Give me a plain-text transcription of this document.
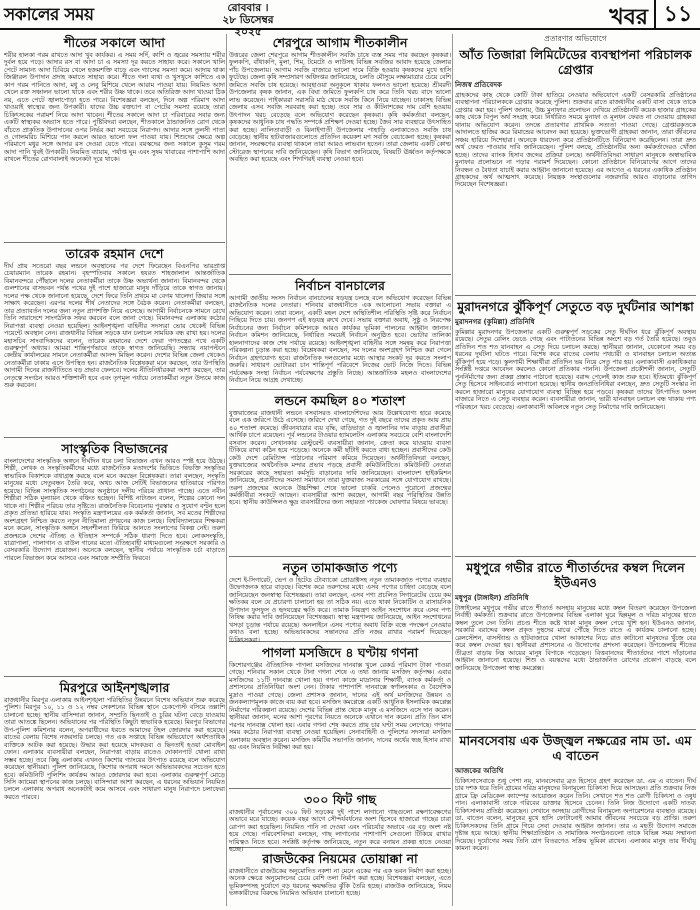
সকালের সময়	রোববার ।
২৮ ডিসেম্বর ২০২৫
খবর ১১
শীতের সকালে আদা

শরীর হালকা গরম রাখতে আদা খুব কার্যকর। এ সময় সর্দি, কাশি ও জ্বরের সমস্যায় শরীর দুর্বল হয়ে পড়ে। আদার রস বা আদা চা এ সমস্যা দূর করতে সাহায্য করে। সকালে খালি পেটে সামান্য আদা চিবিয়ে খেলে হজমশক্তি বাড়ে এবং গ্যাসের সমস্যা কমে। আদায় থাকা জিঞ্জারল উপাদান প্রদাহ কমাতে সাহায্য করে। শীতে গলা ব্যথা ও খুসখুসে কাশিতে এক কাপ গরম পানিতে আদা, মধু ও লেবু মিশিয়ে খেলে আরাম পাওয়া যায়। নিয়মিত আদা খেলে রক্ত সঞ্চালন ভালো থাকে এবং শরীর উষ্ণ থাকে। তবে অতিরিক্ত আদা খাওয়া ঠিক নয়, এতে পেটে জ্বালাপোড়া হতে পারে। বিশেষজ্ঞরা বলছেন, দিনে অল্প পরিমাণ আদা খাওয়াই স্বাস্থ্যের জন্য উপকারী। যাদের উচ্চ রক্তচাপ বা পেটের সমস্যা রয়েছে তারা চিকিৎসকের পরামর্শ নিয়ে আদা খাবেন। শীতের সকালে আদা চা পরিবারের সবার জন্য একটি স্বাস্থ্যকর অভ্যাস হতে পারে। পুষ্টিবিদরা বলছেন, শীতকালে ঠান্ডাজনিত রোগ থেকে বাঁচতে প্রাকৃতিক উপাদানের ওপর নির্ভর করা সবচেয়ে নিরাপদ। আদার সঙ্গে তুলসী পাতা ও গোলমরিচ মিশিয়ে পান করলে আরও ভালো ফল পাওয়া যায়। শিশুদের ক্ষেত্রে অল্প পরিমাণে মধুর সঙ্গে আদার রস দেওয়া যেতে পারে। বয়স্কদের জন্য সকালে কুসুম গরম আদা পানি খুবই উপকারী। নিয়মিত ব্যায়াম, পর্যাপ্ত ঘুম এবং সুষম খাবারের পাশাপাশি আদা রাখলে শীতের রোগবালাই অনেকটা দূরে থাকে।

তারেক রহমান দেশে

দীর্ঘ প্রায় সতেরো বছর লন্ডনে অবস্থানের পর দেশে ফিরেছেন বিএনপির ভারপ্রাপ্ত চেয়ারম্যান তারেক রহমান। বৃহস্পতিবার সকালে হযরত শাহজালাল আন্তর্জাতিক বিমানবন্দরে পৌঁছালে দলের নেতাকর্মীরা তাকে উষ্ণ অভ্যর্থনা জানান। বিমানবন্দর থেকে গুলশানের বাসভবন পর্যন্ত পথের দুই পাশে হাজারো মানুষ দাঁড়িয়ে তাকে স্বাগত জানায়। দলের পক্ষ থেকে জানানো হয়েছে, দেশে ফিরে তিনি প্রথমে মা বেগম খালেদা জিয়ার সঙ্গে সাক্ষাৎ করেছেন। এরপর দলের শীর্ষ নেতাদের সঙ্গে বৈঠক করেন। নেতাকর্মীরা বলছেন, তার প্রত্যাবর্তন দলের জন্য নতুন প্রাণশক্তি নিয়ে এসেছে। আগামী নির্বাচনকে সামনে রেখে তিনি সারাদেশে সাংগঠনিক সফর করবেন বলে জানা গেছে। বিমানবন্দর এলাকায় কঠোর নিরাপত্তা ব্যবস্থা নেওয়া হয়েছিল। আইনশৃঙ্খলা বাহিনীর সদস্যরা ভোর থেকেই বিভিন্ন পয়েন্টে অবস্থান নেন। রাজধানীর বিভিন্ন সড়কে যান চলাচল সাময়িক বন্ধ রাখা হয়। দলের মহাসচিব সাংবাদিকদের বলেন, তারেক রহমানের দেশে ফেরা গণতন্ত্রের পথে একটি গুরুত্বপূর্ণ অধ্যায়। আমরা শান্তিপূর্ণভাবে তাকে স্বাগত জানিয়েছি। সন্ধ্যায় নয়াপল্টনে কেন্দ্রীয় কার্যালয়ের সামনে নেতাকর্মীরা আনন্দ মিছিল করেন। দেশের বিভিন্ন জেলা থেকেও নেতাকর্মীরা ঢাকায় এসে উপস্থিত হন। রাজনৈতিক বিশ্লেষকরা মনে করছেন, তার উপস্থিতি আগামী দিনের রাজনীতিতে বড় প্রভাব ফেলবে। দলের নীতিনির্ধারকরা আশা করছেন, তার নেতৃত্বে সংগঠন আরও শক্তিশালী হবে এবং তৃণমূল পর্যায়ে নেতাকর্মীরা নতুন উদ্যমে কাজ শুরু করবেন।

সাংস্কৃতিক বিভাজনের

বাংলাদেশের সাংস্কৃতিক অঙ্গনে দীর্ঘদিন ধরে চলা বিভাজন এখন আরও স্পষ্ট হয়ে উঠছে। শিল্পী, লেখক ও সংস্কৃতিকর্মীদের মধ্যে রাজনৈতিক মতাদর্শের ভিত্তিতে বিভক্তি সংস্কৃতির স্বাভাবিক বিকাশকে বাধাগ্রস্ত করছে বলে মনে করছেন বিশ্লেষকরা। তারা বলছেন, সংস্কৃতি মানুষের মধ্যে সেতুবন্ধন তৈরি করে, অথচ আজ সেটিই বিভাজনের হাতিয়ারে পরিণত হয়েছে। বিভিন্ন সাংস্কৃতিক সংগঠনের অনুষ্ঠানে দলীয় পরিচয় প্রাধান্য পাচ্ছে। এতে নবীন শিল্পীরা সঠিক মূল্যায়ন থেকে বঞ্চিত হচ্ছেন। বিশিষ্ট নাট্যজন বলেন, শিল্পের কোনো দল থাকে না। শিল্পীর পরিচয় তার সৃষ্টিতে। রাজনৈতিক বিবেচনায় পুরস্কার ও সুযোগ বণ্টন হলে প্রকৃত প্রতিভা হারিয়ে যায়। সংস্কৃতি মন্ত্রণালয়ের এক কর্মকর্তা জানান, সব মতের শিল্পীদের অংশগ্রহণ নিশ্চিত করতে নতুন নীতিমালা প্রণয়নের কাজ চলছে। বিশ্ববিদ্যালয়ের শিক্ষকরা মনে করেন, সাংস্কৃতিক অঙ্গনে সহনশীলতা ফিরিয়ে আনতে সংলাপের বিকল্প নেই। তরুণ প্রজন্মকে দেশের ঐতিহ্য ও ইতিহাস সম্পর্কে সঠিক ধারণা দিতে হবে। লোকসংস্কৃতি, যাত্রাপালা, পালাগান ও বাউল গানের মতো ঐতিহ্যবাহী মাধ্যমগুলো সংরক্ষণে সরকারি ও বেসরকারি উদ্যোগ প্রয়োজন। অনেকে বলছেন, স্থানীয় পর্যায়ে সাংস্কৃতিক চর্চা বাড়াতে পারলে বিভাজন কমে আসবে এবং সমাজে সম্প্রীতি ফিরবে।

মিরপুরে আইনশৃঙ্খলার

রাজধানীর মিরপুর এলাকায় আইনশৃঙ্খলা পরিস্থিতির উন্নয়নে বিশেষ অভিযান শুরু করেছে পুলিশ। মিরপুর ১০, ১১ ও ১২ নম্বর সেকশনের বিভিন্ন স্থানে চেকপোস্ট বসিয়ে তল্লাশি চালানো হচ্ছে। স্থানীয় বাসিন্দারা জানান, সম্প্রতি ছিনতাই ও চুরির ঘটনা বেড়ে যাওয়ায় তারা আতঙ্কে ছিলেন। অভিযানের পর পরিস্থিতি কিছুটা স্বাভাবিক হয়েছে। মিরপুর বিভাগের উপ-পুলিশ কমিশনার বলেন, অপরাধীদের ধরতে আমাদের টহল জোরদার করা হয়েছে। রাতের বেলায় বিশেষ নজরদারি চলছে। গত এক সপ্তাহে বিভিন্ন অভিযোগে অর্ধশতাধিক ব্যক্তিকে আটক করা হয়েছে। উদ্ধার করা হয়েছে মাদকদ্রব্য ও ছিনতাই হওয়া মোবাইল ফোন। এলাকার ব্যবসায়ীরা বলছেন, নিরাপত্তা বাড়ায় রাতেও দোকানপাট খোলা রাখা সম্ভব হচ্ছে। তবে কিছু এলাকায় এখনও কিশোর গ্যাংয়ের উৎপাত রয়েছে বলে অভিযোগ করেছেন স্থানীয়রা। পুলিশ জানিয়েছে, কিশোর অপরাধ দমনে অভিভাবকদের সচেতন হতে হবে। কমিউনিটি পুলিশিং কার্যক্রম আরও জোরদার করা হবে। এলাকার গুরুত্বপূর্ণ মোড়ে সিসি ক্যামেরা স্থাপনের কাজ চলছে। বাসিন্দারা আশা করছেন, এ ধরনের অভিযান নিয়মিত চললে এলাকায় অপরাধ অনেকটাই কমে আসবে এবং সাধারণ মানুষ নিরাপদে চলাফেরা করতে পারবে।

শেরপুরে আগাম শীতকালীন

উত্তরের জেলা শেরপুরে আগাম শীতকালীন সবজি চাষে ব্যস্ত সময় পার করছেন কৃষকরা। ফুলকপি, বাঁধাকপি, মুলা, শিম, টমেটো ও লাউসহ বিভিন্ন সবজির আবাদ হয়েছে জেলার পাঁচ উপজেলায়। আগাম সবজি বাজারে ভালো দামে বিক্রি হওয়ায় কৃষকদের মুখে হাসি ফুটেছে। জেলা কৃষি সম্প্রসারণ অধিদপ্তর জানিয়েছে, চলতি মৌসুমে লক্ষ্যমাত্রার চেয়ে বেশি জমিতে সবজি চাষ হয়েছে। আবহাওয়া অনুকূলে থাকায় ফলনও ভালো হয়েছে। শ্রীবরদী উপজেলার কৃষক জানান, এক বিঘা জমিতে ফুলকপি চাষ করে তিনি খরচ বাদে ভালো লাভ করেছেন। পাইকাররা সরাসরি মাঠ থেকে সবজি কিনে নিয়ে যাচ্ছেন। ঢাকাসহ বিভিন্ন জেলায় এসব সবজি সরবরাহ করা হচ্ছে। তবে সার ও কীটনাশকের দাম বেশি হওয়ায় উৎপাদন খরচ বেড়েছে বলে অভিযোগ করেছেন কৃষকরা। কৃষি কর্মকর্তারা বলছেন, কৃষকদের আধুনিক চাষ পদ্ধতি সম্পর্কে প্রশিক্ষণ দেওয়া হচ্ছে। জৈব সার ব্যবহারে উৎসাহিত করা হচ্ছে। নালিতাবাড়ী ও ঝিনাইগাতী উপজেলার পাহাড়ি এলাকাতেও সবজি চাষ বেড়েছে। স্থানীয় হাটবাজারগুলোতে প্রতিদিন কয়েকশ মণ সবজি বেচাকেনা হচ্ছে। কৃষকরা জানান, সংরক্ষণের ব্যবস্থা থাকলে তারা আরও লাভবান হতেন। তারা জেলায় একটি কোল্ড স্টোরেজ স্থাপনের দাবি জানিয়েছেন। কৃষি বিভাগ জানিয়েছে, বিষয়টি ঊর্ধ্বতন কর্তৃপক্ষকে অবহিত করা হয়েছে এবং শিগগিরই ব্যবস্থা নেওয়া হবে।

নির্বাচন বানচালের

আগামী জাতীয় সংসদ নির্বাচন বানচালের ষড়যন্ত্র চলছে বলে অভিযোগ করেছেন বিভিন্ন রাজনৈতিক দলের নেতারা। শনিবার রাজধানীতে এক আলোচনা সভায় বক্তারা এ অভিযোগ করেন। তারা বলেন, একটি মহল দেশে অস্থিতিশীল পরিস্থিতি সৃষ্টি করে নির্বাচন পিছিয়ে দিতে চায়। জনগণ এই ষড়যন্ত্র রুখে দেবে। সভায় বক্তারা অবাধ, সুষ্ঠু ও নিরপেক্ষ নির্বাচনের জন্য নির্বাচন কমিশনকে আরও কার্যকর ভূমিকা পালনের আহ্বান জানান। নির্বাচন কমিশন জানিয়েছে, নির্ধারিত সময়েই নির্বাচন অনুষ্ঠিত হবে। ভোটার তালিকা হালনাগাদের কাজ শেষ পর্যায়ে রয়েছে। আইনশৃঙ্খলা বাহিনীর সঙ্গে সমন্বয় করে নিরাপত্তা পরিকল্পনা চূড়ান্ত করা হচ্ছে। বিশ্লেষকরা বলছেন, সব দলের অংশগ্রহণ নিশ্চিত করা গেলে নির্বাচন গ্রহণযোগ্য হবে। রাজনৈতিক দলগুলোর মধ্যে আস্থার সংকট দূর করতে সংলাপ জরুরি। সাধারণ ভোটাররা চান শান্তিপূর্ণ পরিবেশে নিজের ভোট নিজে দিতে। বিভিন্ন পর্যবেক্ষক সংস্থা নির্বাচন পর্যবেক্ষণের প্রস্তুতি নিচ্ছে। আন্তর্জাতিক মহলও বাংলাদেশের নির্বাচন নিয়ে আগ্রহ দেখাচ্ছে।

লন্ডনে কমছিল ৪০ শতাংশ

যুক্তরাজ্যের রাজধানী লন্ডনে বসবাসরত বাংলাদেশিদের আয় উল্লেখযোগ্য হারে কমেছে বলে এক জরিপে উঠে এসেছে। জরিপে দেখা গেছে, গত দুই বছরে তাদের প্রকৃত আয় প্রায় ৪০ শতাংশ কমেছে। জীবনযাত্রার ব্যয় বৃদ্ধি, বাড়িভাড়া ও জ্বালানির দাম বাড়ায় প্রবাসীরা আর্থিক চাপে রয়েছেন। পূর্ব লন্ডনের টাওয়ার হ্যামলেটস এলাকায় সবচেয়ে বেশি বাংলাদেশি বসবাস করেন। সেখানকার রেস্টুরেন্ট ব্যবসায়ীরা জানান, ক্রেতা কমে যাওয়ায় ব্যবসা টিকিয়ে রাখা কঠিন হয়ে পড়েছে। অনেকে কর্মী ছাঁটাই করতে বাধ্য হচ্ছেন। প্রবাসীদের কেউ কেউ দেশে রেমিট্যান্স পাঠানোর পরিমাণ কমিয়ে দিয়েছেন। অর্থনীতিবিদরা বলছেন, যুক্তরাজ্যের অর্থনৈতিক মন্দার প্রভাব পড়ছে প্রবাসী কমিউনিটিতে। কমিউনিটি নেতারা সরকারের কাছে সহায়তা কর্মসূচি বাড়ানোর দাবি জানিয়েছেন। বাংলাদেশ হাইকমিশন জানিয়েছে, প্রবাসীদের সমস্যা সমাধানে তারা যুক্তরাজ্য সরকারের সঙ্গে যোগাযোগ রাখছে। তরুণ প্রজন্মের অনেকে উচ্চশিক্ষা শেষে ভালো চাকরি পেলেও পুরোনো প্রজন্মের কর্মজীবীরা সংকটে আছেন। ব্যবসায়ীরা আশা করছেন, আগামী বছর পরিস্থিতির উন্নতি হবে। স্থানীয় কাউন্সিলও ক্ষুদ্র ব্যবসায়ীদের জন্য সহায়তা প্যাকেজ ঘোষণার বিষয়ে ভাবছে।

নতুন তামাকজাত পণ্যে

দেশে ই-সিগারেট, ভেপ ও হিটেড টোব্যাকো প্রোডাক্টসহ নতুন তামাকজাত পণ্যের ব্যবহার উদ্বেগজনক হারে বাড়ছে। বিশেষ করে তরুণদের মধ্যে এসব পণ্যের চাহিদা বেড়েছে বলে জানিয়েছেন জনস্বাস্থ্য বিশেষজ্ঞরা। তারা বলছেন, এসব পণ্য প্রচলিত সিগারেটের চেয়ে কম ক্ষতিকর বলে যে প্রচারণা চালানো হয় তা সঠিক নয়। এতে থাকা নিকোটিন ও রাসায়নিক উপাদান ফুসফুস ও হৃদযন্ত্রের ক্ষতি করে। তামাক নিয়ন্ত্রণ আইন সংশোধন করে এসব পণ্য নিষিদ্ধ করার দাবি জানিয়েছেন বিশেষজ্ঞরা। স্বাস্থ্য মন্ত্রণালয় জানিয়েছে, আইন সংশোধনের খসড়া চূড়ান্ত পর্যায়ে রয়েছে। অনলাইনে এসব পণ্যের অবাধ বিক্রি বন্ধে পদক্ষেপ নেওয়ার কথাও বলা হচ্ছে। অভিভাবকদের সন্তানদের প্রতি নজর রাখার পরামর্শ দিয়েছেন চিকিৎসকরা।

পাগলা মসজিদে ৪ ঘণ্টায় গণনা

কিশোরগঞ্জের ঐতিহাসিক পাগলা মসজিদের দানবাক্স খুলে রেকর্ড পরিমাণ টাকা পাওয়া গেছে। শনিবার সকাল থেকে টানা গণনা শেষে এ তথ্য জানায় মসজিদ কর্তৃপক্ষ। এবার মসজিদের ১১টি দানবাক্স খোলা হয়। গণনা কাজে মাদ্রাসার শিক্ষার্থী, ব্যাংক কর্মকর্তা ও প্রশাসনের প্রতিনিধিরা অংশ নেন। টাকার পাশাপাশি দানবাক্সে স্বর্ণালংকার ও বৈদেশিক মুদ্রাও পাওয়া গেছে। জেলা প্রশাসক জানান, দানের এই অর্থ মসজিদের উন্নয়ন ও জনকল্যাণমূলক কাজে ব্যয় করা হবে। মসজিদ কমপ্লেক্সে একটি আধুনিক ইসলামিক কমপ্লেক্স নির্মাণের পরিকল্পনা রয়েছে। দেশের বিভিন্ন প্রান্ত থেকে মানুষ এ মসজিদে এসে দান করেন। স্থানীয়রা জানান, মনের আশা পূরণের নিয়তে অনেকে এখানে দান করেন। প্রতি তিন মাস পরপর দানবাক্স খোলা হয়। এবার গণনা শেষ করতে প্রায় চার ঘণ্টা সময় লেগেছে। গণনার সময় কঠোর নিরাপত্তা ব্যবস্থা নেওয়া হয়েছিল। সেনাবাহিনী ও পুলিশের সদস্যরা মসজিদ এলাকায় অবস্থান করেন। মসজিদ কমিটির সভাপতি জানান, দানের অর্থের স্বচ্ছ হিসাব রাখা হয় এবং নিয়মিত নিরীক্ষা করা হয়।

৩০০ ফিট গাছ

রাজধানীর পূর্বাচলের ৩০০ ফিট সড়কের দুই পাশে লাগানো গাছগুলো রক্ষণাবেক্ষণের অভাবে মরে যাচ্ছে। কয়েক বছর আগে সৌন্দর্যবর্ধনের অংশ হিসেবে হাজারো গাছের চারা রোপণ করা হয়েছিল। নিয়মিত পানি না দেওয়া এবং পরিচর্যার অভাবে এর বড় অংশ নষ্ট হয়ে গেছে। পরিবেশবিদরা বলছেন, গাছ লাগানোর পাশাপাশি সেগুলো টিকিয়ে রাখার দায়িত্বও নিতে হবে। সংশ্লিষ্ট কর্তৃপক্ষ জানিয়েছে, নতুন করে বনায়ন প্রকল্প হাতে নেওয়া হচ্ছে।

রাজউকের নিয়মের তোয়াক্কা না

রাজধানীতে রাজউকের অনুমোদিত নকশা না মেনে একের পর এক ভবন নির্মাণ করা হচ্ছে। অনেক ক্ষেত্রে অনুমোদনের চেয়ে বেশি তলা নির্মাণ করা হচ্ছে। বিশেষজ্ঞরা বলছেন, এতে ভূমিকম্পসহ দুর্যোগে বড় ধরনের ক্ষয়ক্ষতির ঝুঁকি তৈরি হচ্ছে। রাজউক জানিয়েছে, নিয়ম ভঙ্গকারীদের বিরুদ্ধে নিয়মিত অভিযান চালানো হচ্ছে।

প্রতারণার অভিযোগে
আঁত তিজারা লিমিটেডের ব্যবস্থাপনা পরিচালক গ্রেপ্তার
নিজস্ব প্রতিবেদক

গ্রাহকদের কাছ থেকে কোটি টাকা হাতিয়ে নেওয়ার অভিযোগে একটি বেসরকারি প্রতিষ্ঠানের ব্যবস্থাপনা পরিচালককে গ্রেপ্তার করেছে পুলিশ। শুক্রবার রাতে রাজধানীর একটি বাসা থেকে তাকে গ্রেপ্তার করা হয়। পুলিশ জানায়, উচ্চ মুনাফার প্রলোভন দেখিয়ে প্রতিষ্ঠানটি কয়েক হাজার গ্রাহকের কাছ থেকে বিপুল অর্থ সংগ্রহ করে। নির্ধারিত সময়ে মুনাফা ও মূলধন ফেরত না দেওয়ায় গ্রাহকরা থানায় অভিযোগ করেন। তদন্তে প্রতারণার প্রাথমিক সত্যতা পাওয়া গেছে। গ্রেপ্তারকৃতকে আদালতে হাজির করে রিমান্ডের আবেদন করা হয়েছে। ভুক্তভোগী গ্রাহকরা জানান, তারা জীবনের সঞ্চয় হারিয়ে দিশেহারা। অনেকে ধারদেনা করে প্রতিষ্ঠানটিতে বিনিয়োগ করেছিলেন। তারা দ্রুত অর্থ ফেরত পাওয়ার দাবি জানিয়েছেন। পুলিশ বলছে, প্রতিষ্ঠানটির অন্য কর্মকর্তাদেরও খোঁজা হচ্ছে। তাদের ব্যাংক হিসাব জব্দের প্রক্রিয়া চলছে। অর্থনীতিবিদরা সাধারণ মানুষকে অস্বাভাবিক মুনাফার প্রলোভনে না পড়ার পরামর্শ দিয়েছেন। কোনো প্রতিষ্ঠানে বিনিয়োগের আগে তাদের নিবন্ধন ও বৈধতা যাচাই করার আহ্বান জানানো হয়েছে। এর আগেও এ ধরনের একাধিক প্রতিষ্ঠান গ্রাহকদের অর্থ আত্মসাৎ করেছে। নিয়ন্ত্রক সংস্থাগুলোর নজরদারি আরও বাড়ানোর তাগিদ দিয়েছেন বিশেষজ্ঞরা।

মুরাদনগরে ঝুঁকিপূর্ণ সেতুতে বড় দুর্ঘটনার আশঙ্কা
মুরাদনগর (কুমিল্লা) প্রতিনিধি

কুমিল্লার মুরাদনগর উপজেলার একটি গুরুত্বপূর্ণ সড়কের সেতু দীর্ঘদিন ধরে ঝুঁকিপূর্ণ অবস্থায় রয়েছে। সেতুর রেলিং ভেঙে গেছে এবং পাটাতনের বিভিন্ন অংশে বড় গর্ত তৈরি হয়েছে। তবুও প্রতিদিন শত শত যানবাহন এ সেতু দিয়ে চলাচল করছে। স্থানীয়রা জানান, যেকোনো সময় বড় ধরনের দুর্ঘটনা ঘটতে পারে। বিশেষ করে রাতের বেলায় পথচারী ও যানবাহন চলাচল অত্যন্ত ঝুঁকিপূর্ণ হয়ে পড়ে। স্কুলগামী শিক্ষার্থীরা প্রতিদিন ভয় নিয়ে সেতু পার হয়। এলাকাবাসী একাধিকবার সংশ্লিষ্ট দপ্তরে আবেদন করলেও কোনো প্রতিকার পাননি। উপজেলা প্রকৌশলী জানান, সেতুটি পুনর্নির্মাণের জন্য প্রকল্প প্রস্তাব পাঠানো হয়েছে। বরাদ্দ পেলেই কাজ শুরু হবে। ইতিমধ্যে ঝুঁকিপূর্ণ সেতু হিসেবে সাইনবোর্ড লাগানো হয়েছে। স্থানীয় জনপ্রতিনিধিরা বলছেন, দ্রুত সেতুটি সংস্কার না করলে হাজারো মানুষের যোগাযোগ ব্যবস্থা বিচ্ছিন্ন হয়ে পড়বে। কৃষকরা তাদের উৎপাদিত ফসল বাজারে নিতে এ সেতু ব্যবহার করেন। ব্যবসায়ীরা জানান, ভারী যানবাহন চলাচল বন্ধ থাকায় পণ্য পরিবহনে খরচ বেড়েছে। এলাকাবাসী অবিলম্বে নতুন সেতু নির্মাণের দাবি জানিয়েছেন।

মধুপুরে গভীর রাতে শীতার্তদের কম্বল দিলেন ইউএনও
মধুপুর (টাঙ্গাইল) প্রতিনিধি

টাঙ্গাইলের মধুপুরে গভীর রাতে শীতার্ত অসহায় মানুষের মধ্যে কম্বল বিতরণ করেছেন উপজেলা নির্বাহী কর্মকর্তা। শুক্রবার রাতে উপজেলার বিভিন্ন এলাকা ঘুরে ছিন্নমূল ও দরিদ্র মানুষের হাতে কম্বল তুলে দেন তিনি। প্রচণ্ড শীতে কষ্টে থাকা মানুষ কম্বল পেয়ে খুশি হন। ইউএনও জানান, সরকারি বরাদ্দের কম্বল প্রকৃত দুস্থদের মাঝে পৌঁছে দিতে রাতে এ কার্যক্রম চালানো হচ্ছে। রেলস্টেশন, বাসস্ট্যান্ড ও হাটবাজারে খোলা আকাশের নিচে রাত কাটানো মানুষদের খুঁজে বের করে কম্বল দেওয়া হয়। স্থানীয়রা প্রশাসনের এ উদ্যোগের প্রশংসা করেছেন। উপজেলায় শীতের তীব্রতা বাড়ায় নিম্ন আয়ের মানুষ বিপাকে পড়েছেন। বিত্তবানদের শীতার্তদের পাশে দাঁড়ানোর আহ্বান জানানো হয়েছে। শিশু ও বয়স্কদের মধ্যে ঠান্ডাজনিত রোগের প্রকোপ বাড়ছে বলে জানিয়েছে উপজেলা স্বাস্থ্য কমপ্লেক্স।

মানবসেবায় এক উজ্জ্বল নক্ষত্রের নাম ডা. এম এ বাতেন
আজকের অতিথি

চিকিৎসাসেবাকে শুধু পেশা নয়, মানবসেবার ব্রত হিসেবে গ্রহণ করেছেন ডা. এম এ বাতেন। দীর্ঘ চার দশক ধরে তিনি গ্রামের দরিদ্র মানুষদের বিনামূল্যে চিকিৎসা দিয়ে আসছেন। প্রতি শুক্রবার নিজ গ্রামে ফ্রি মেডিকেল ক্যাম্পের আয়োজন করেন তিনি। সেখানে শত শত রোগী চিকিৎসা ও ওষুধ পান। এলাকাবাসী তাকে গরিবের ডাক্তার হিসেবে চেনেন। তিনি নিজ উদ্যোগে একটি দাতব্য চিকিৎসালয় প্রতিষ্ঠা করেছেন। সেখানে অসহায় রোগীদের বিনামূল্যে অপারেশনের ব্যবস্থাও রয়েছে। ডা. বাতেন বলেন, মানুষের মুখে হাসি ফোটানোই আমার জীবনের সবচেয়ে বড় প্রাপ্তি। তরুণ চিকিৎসকদের তিনি গ্রামে গিয়ে সেবা দেওয়ার আহ্বান জানান। তার এ মহতী উদ্যোগ সমাজে দৃষ্টান্ত হয়ে আছে। স্থানীয় শিক্ষাপ্রতিষ্ঠান ও সামাজিক সংগঠনগুলো তাকে বিভিন্ন সময় সম্মাননা দিয়েছে। দুর্যোগের সময় তিনি ত্রাণ বিতরণেও সক্রিয় ভূমিকা রাখেন। এলাকার মানুষ তার দীর্ঘায়ু কামনা করেন।
